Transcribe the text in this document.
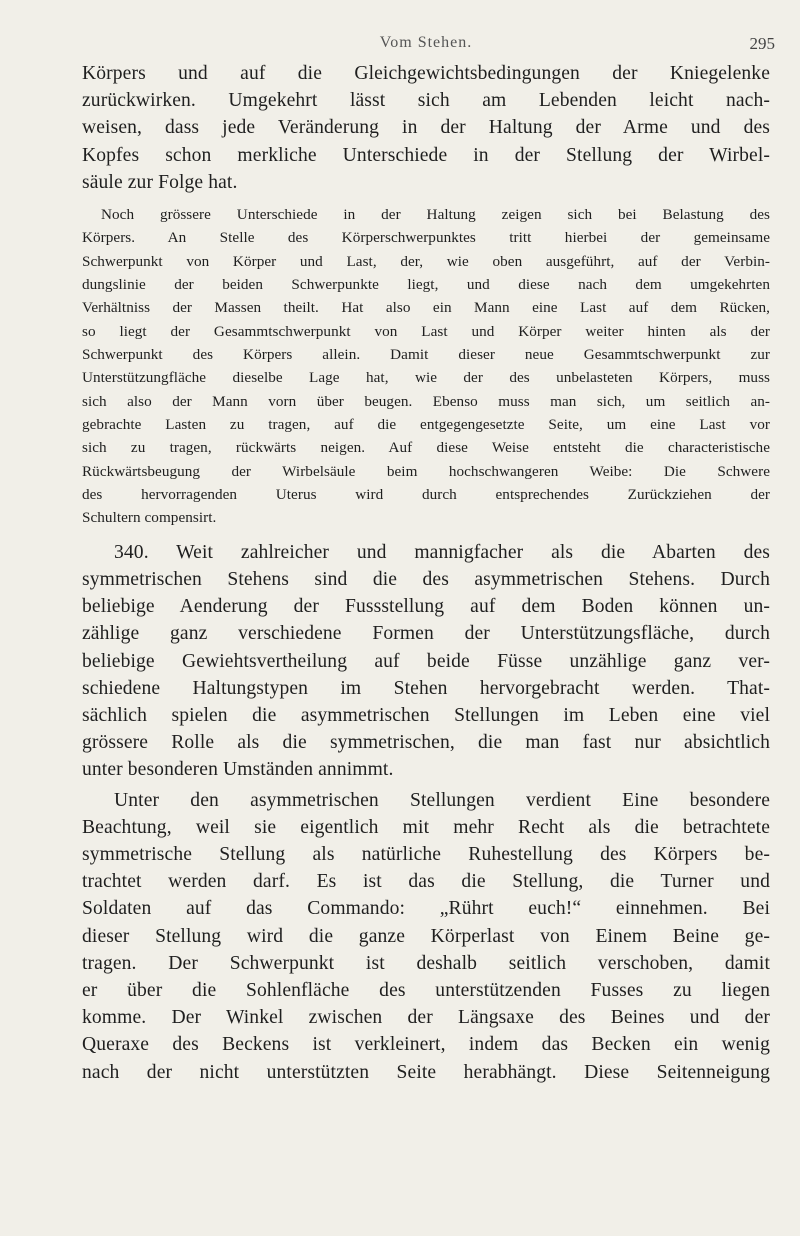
Vom Stehen.	295
Körpers und auf die Gleichgewichtsbedingungen der Kniegelenke
zurückwirken. Umgekehrt lässt sich am Lebenden leicht nach-
weisen, dass jede Veränderung in der Haltung der Arme und des
Kopfes schon merkliche Unterschiede in der Stellung der Wirbel-
säule zur Folge hat.
Noch grössere Unterschiede in der Haltung zeigen sich bei Belastung des
Körpers. An Stelle des Körperschwerpunktes tritt hierbei der gemeinsame
Schwerpunkt von Körper und Last, der, wie oben ausgeführt, auf der Verbin-
dungslinie der beiden Schwerpunkte liegt, und diese nach dem umgekehrten
Verhältniss der Massen theilt. Hat also ein Mann eine Last auf dem Rücken,
so liegt der Gesammtschwerpunkt von Last und Körper weiter hinten als der
Schwerpunkt des Körpers allein. Damit dieser neue Gesammtschwerpunkt zur
Unterstützungfläche dieselbe Lage hat, wie der des unbelasteten Körpers, muss
sich also der Mann vorn über beugen. Ebenso muss man sich, um seitlich an-
gebrachte Lasten zu tragen, auf die entgegengesetzte Seite, um eine Last vor
sich zu tragen, rückwärts neigen. Auf diese Weise entsteht die characteristische
Rückwärtsbeugung der Wirbelsäule beim hochschwangeren Weibe: Die Schwere
des hervorragenden Uterus wird durch entsprechendes Zurückziehen der
Schultern compensirt.
340. Weit zahlreicher und mannigfacher als die Abarten des
symmetrischen Stehens sind die des asymmetrischen Stehens. Durch
beliebige Aenderung der Fussstellung auf dem Boden können un-
zählige ganz verschiedene Formen der Unterstützungsfläche, durch
beliebige Gewiehtsvertheilung auf beide Füsse unzählige ganz ver-
schiedene Haltungstypen im Stehen hervorgebracht werden. That-
sächlich spielen die asymmetrischen Stellungen im Leben eine viel
grössere Rolle als die symmetrischen, die man fast nur absichtlich
unter besonderen Umständen annimmt.
Unter den asymmetrischen Stellungen verdient Eine besondere
Beachtung, weil sie eigentlich mit mehr Recht als die betrachtete
symmetrische Stellung als natürliche Ruhestellung des Körpers be-
trachtet werden darf. Es ist das die Stellung, die Turner und
Soldaten auf das Commando: „Rührt euch!“ einnehmen. Bei
dieser Stellung wird die ganze Körperlast von Einem Beine ge-
tragen. Der Schwerpunkt ist deshalb seitlich verschoben, damit
er über die Sohlenfläche des unterstützenden Fusses zu liegen
komme. Der Winkel zwischen der Längsaxe des Beines und der
Queraxe des Beckens ist verkleinert, indem das Becken ein wenig
nach der nicht unterstützten Seite herabhängt. Diese Seitenneigung
